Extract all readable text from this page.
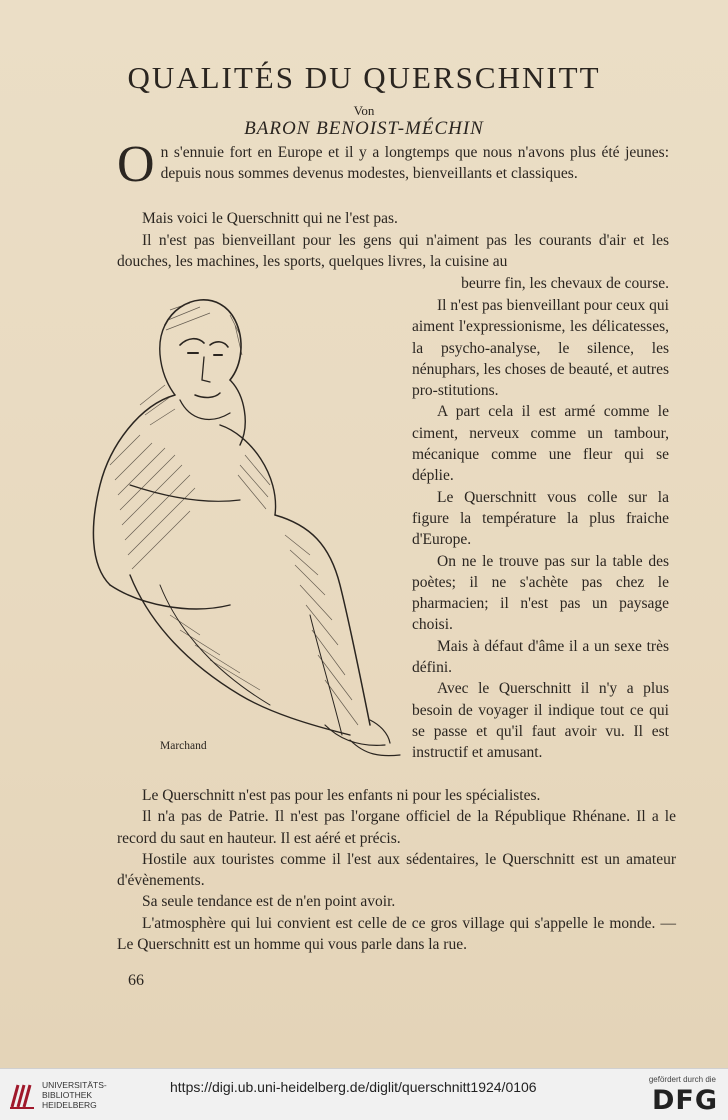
QUALITÉS DU QUERSCHNITT
Von
BARON BENOIST-MÉCHIN
O n s'ennuie fort en Europe et il y a longtemps que nous n'avons plus été jeunes: depuis nous sommes devenus modestes, bienveillants et classiques.
Mais voici le Querschnitt qui ne l'est pas.
Il n'est pas bienveillant pour les gens qui n'aiment pas les courants d'air et les douches, les machines, les sports, quelques livres, la cuisine au
beurre fin, les chevaux de course.
Marchand
Il n'est pas bienveillant pour ceux qui aiment l'expressionisme, les délicatesses, la psycho-analyse, le silence, les nénuphars, les choses de beauté, et autres pro-stitutions.
A part cela il est armé comme le ciment, nerveux comme un tambour, mécanique comme une fleur qui se déplie.
Le Querschnitt vous colle sur la figure la température la plus fraiche d'Europe.
On ne le trouve pas sur la table des poètes; il ne s'achète pas chez le pharmacien; il n'est pas un paysage choisi.
Mais à défaut d'âme il a un sexe très défini.
Avec le Querschnitt il n'y a plus besoin de voyager il indique tout ce qui se passe et qu'il faut avoir vu. Il est instructif et amusant.
Le Querschnitt n'est pas pour les enfants ni pour les spécialistes.
Il n'a pas de Patrie. Il n'est pas l'organe officiel de la République Rhénane. Il a le record du saut en hauteur. Il est aéré et précis.
Hostile aux touristes comme il l'est aux sédentaires, le Querschnitt est un amateur d'évènements.
Sa seule tendance est de n'en point avoir.
L'atmosphère qui lui convient est celle de ce gros village qui s'appelle le monde. — Le Querschnitt est un homme qui vous parle dans la rue.
66
UNIVERSITÄTS-
BIBLIOTHEK
HEIDELBERG
https://digi.ub.uni-heidelberg.de/diglit/querschnitt1924/0106	gefördert durch die
DFG
